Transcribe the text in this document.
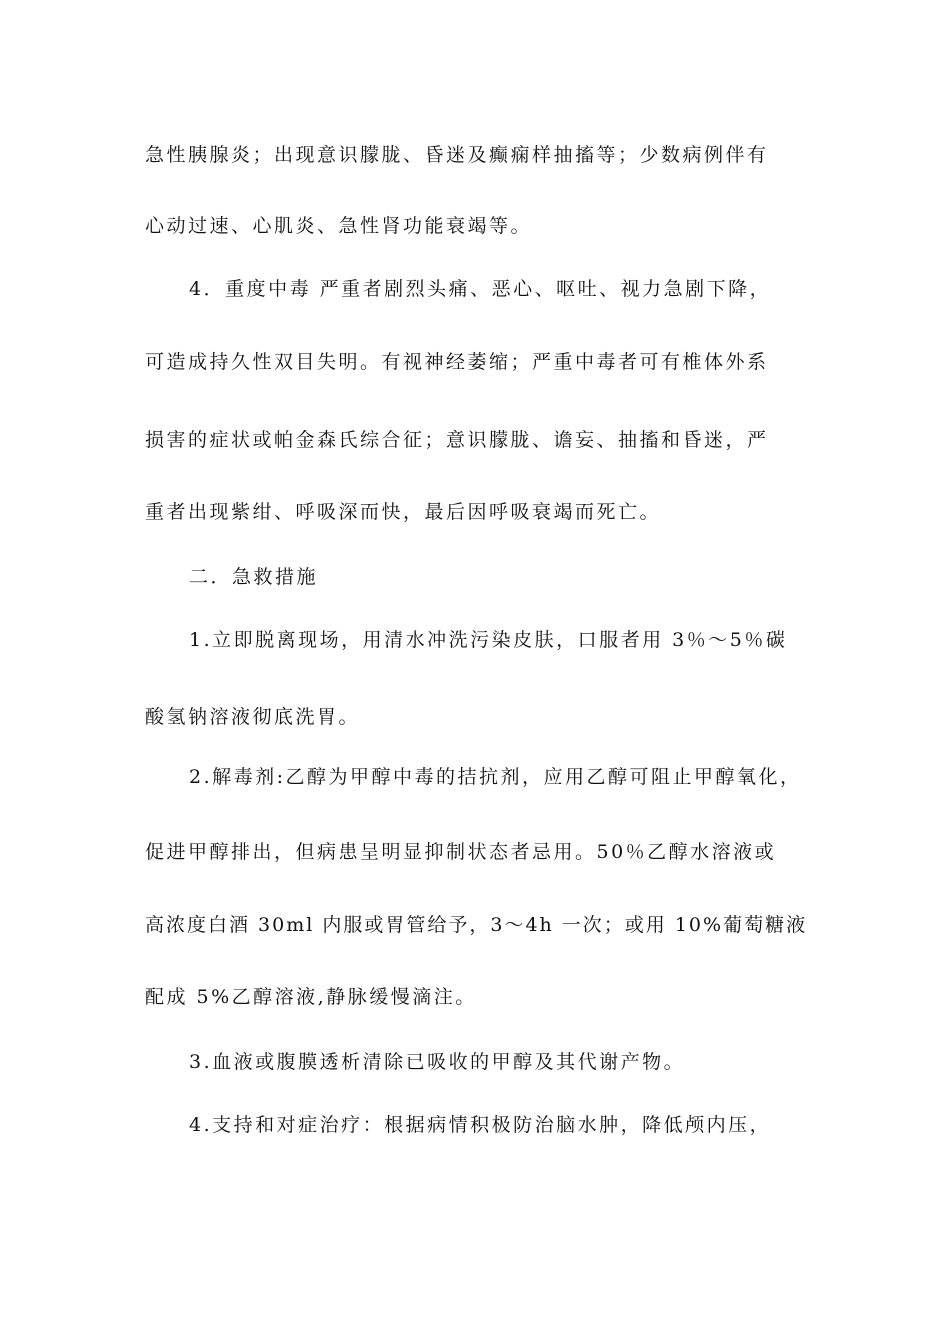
急性胰腺炎；出现意识朦胧、昏迷及癫痫样抽搐等；少数病例伴有
心动过速、心肌炎、急性肾功能衰竭等。
4．重度中毒 严重者剧烈头痛、恶心、呕吐、视力急剧下降，
可造成持久性双目失明。有视神经萎缩；严重中毒者可有椎体外系
损害的症状或帕金森氏综合征；意识朦胧、谵妄、抽搐和昏迷，严
重者出现紫绀、呼吸深而快，最后因呼吸衰竭而死亡。
二．急救措施
1.立即脱离现场，用清水冲洗污染皮肤，口服者用 3％～5％碳
酸氢钠溶液彻底洗胃。
2.解毒剂:乙醇为甲醇中毒的拮抗剂，应用乙醇可阻止甲醇氧化，
促进甲醇排出，但病患呈明显抑制状态者忌用。50％乙醇水溶液或
高浓度白酒 30ml 内服或胃管给予，3～4h 一次；或用 10%葡萄糖液
配成 5%乙醇溶液,静脉缓慢滴注。
3.血液或腹膜透析清除已吸收的甲醇及其代谢产物。
4.支持和对症治疗：根据病情积极防治脑水肿，降低颅内压，
